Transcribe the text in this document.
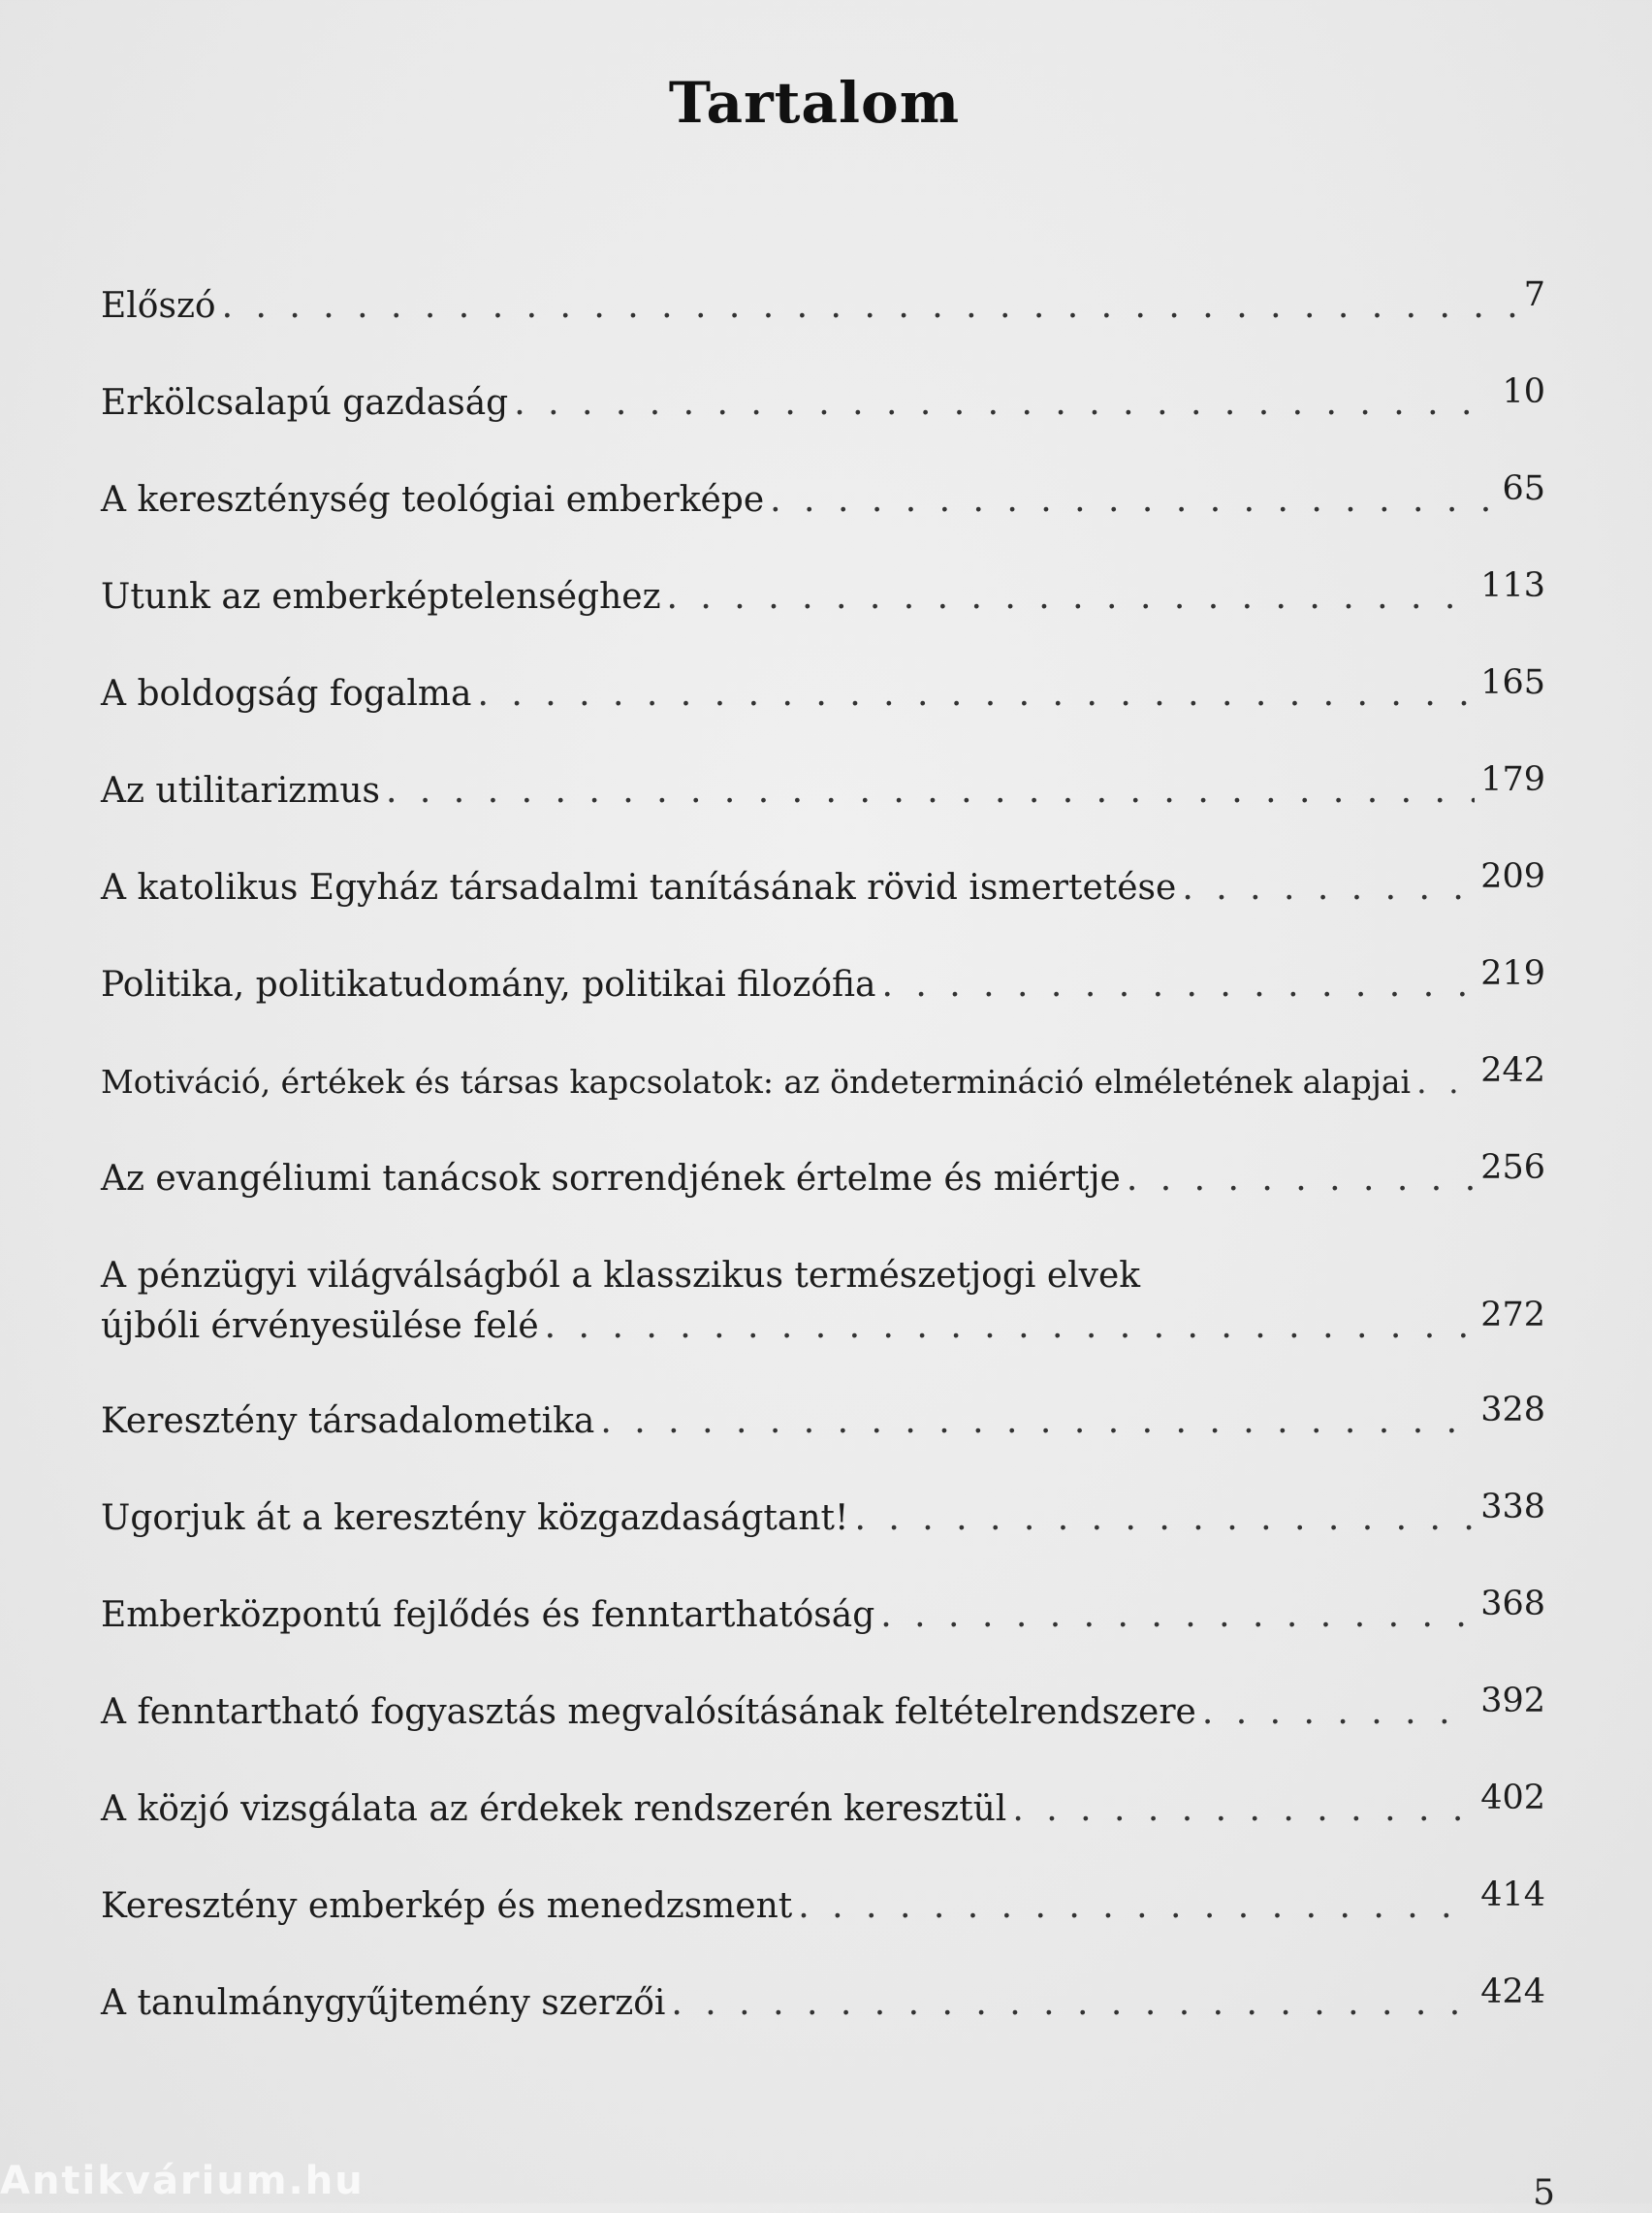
Tartalom
Előszó . . .	7
Erkölcsalapú gazdaság . . .	10
A kereszténység teológiai emberképe . . .	65
Utunk az emberképtelenséghez . . .	113
A boldogság fogalma . . .	165
Az utilitarizmus . . .	179
A katolikus Egyház társadalmi tanításának rövid ismertetése . . .	209
Politika, politikatudomány, politikai filozófia . . .	219
Motiváció, értékek és társas kapcsolatok: az öndetermináció elméletének alapjai . . . 242
Az evangéliumi tanácsok sorrendjének értelme és miértje . . .	256
A pénzügyi világválságból a klasszikus természetjogi elvek
újbóli érvényesülése felé . . .	272
Keresztény társadalometika . . .	328
Ugorjuk át a keresztény közgazdaságtant! . . .	338
Emberközpontú fejlődés és fenntarthatóság . . .	368
A fenntartható fogyasztás megvalósításának feltételrendszere . . .	392
A közjó vizsgálata az érdekek rendszerén keresztül . . .	402
Keresztény emberkép és menedzsment . . .	414
A tanulmánygyűjtemény szerzői . . .	424
Antikvárium.hu	5
